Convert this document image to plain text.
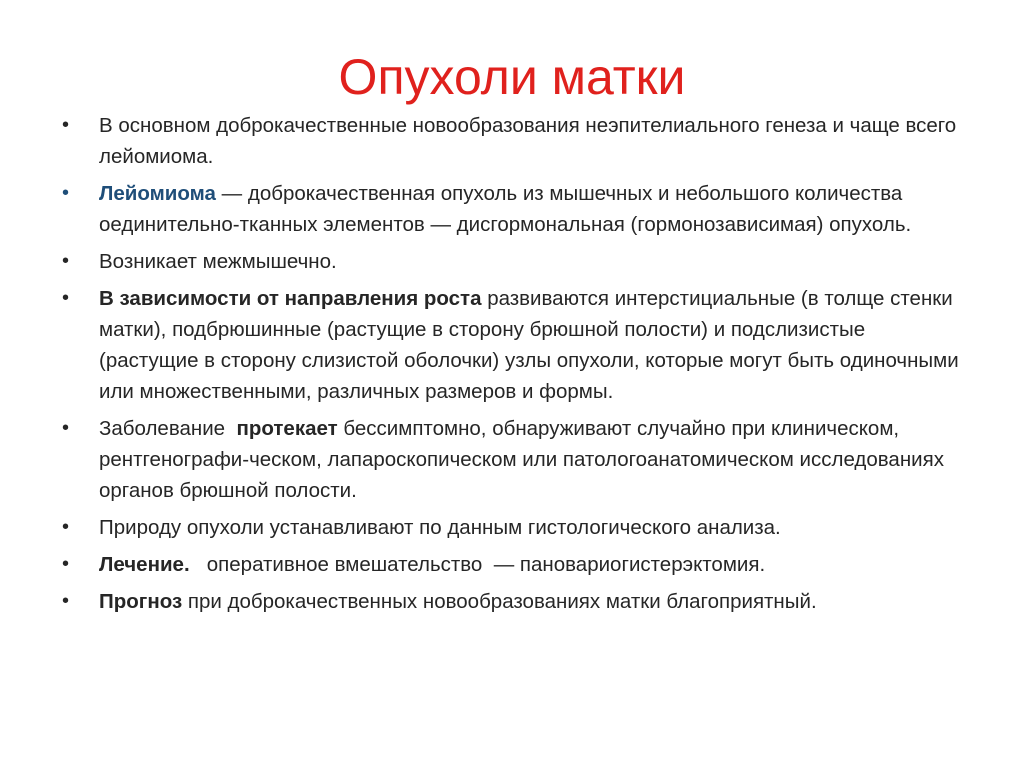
Опухоли матки
•	В основном доброкачественные новообразования неэпителиального генеза и чаще всего лейомиома.
•	Лейомиома — доброкачественная опухоль из мышечных и небольшого количества оединительно-тканных элементов — дисгормональная (гормонозависимая) опухоль.
•	Возникает межмышечно.
•	В зависимости от направления роста развиваются интерстициальные (в толще стенки матки), подбрюшинные (растущие в сторону брюшной полости) и подслизистые (растущие в сторону слизистой оболочки) узлы опухоли, которые могут быть одиночными или множественными, различных размеров и формы.
•	Заболевание  протекает бессимптомно, обнаруживают случайно при клиническом, рентгенографи-ческом, лапароскопическом или патологоанатомическом исследованиях органов брюшной полости.
•	Природу опухоли устанавливают по данным гистологического анализа.
•	Лечение.   оперативное вмешательство  — пановариогистерэктомия.
•	Прогноз при доброкачественных новообразованиях матки благоприятный.
